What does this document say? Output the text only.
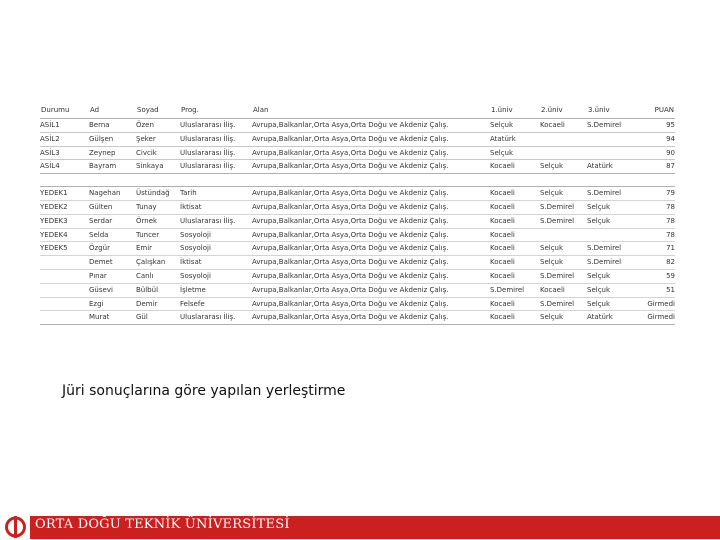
Durumu	Ad	Soyad	Prog.	Alan	1.üniv	2.üniv	3.üniv	PUAN
ASİL1	Berna	Özen	Uluslararası İliş.	Avrupa,Balkanlar,Orta Asya,Orta Doğu ve Akdeniz Çalış.	Selçuk	Kocaeli	S.Demirel	95
ASİL2	Gülşen	Şeker	Uluslararası İliş.	Avrupa,Balkanlar,Orta Asya,Orta Doğu ve Akdeniz Çalış.	Atatürk			94
ASİL3	Zeynep	Civcik	Uluslararası İliş.	Avrupa,Balkanlar,Orta Asya,Orta Doğu ve Akdeniz Çalış.	Selçuk			90
ASİL4	Bayram	Sinkaya	Uluslararası İliş.	Avrupa,Balkanlar,Orta Asya,Orta Doğu ve Akdeniz Çalış.	Kocaeli	Selçuk	Atatürk	87

YEDEK1	Nagehan	Üstündağ	Tarih	Avrupa,Balkanlar,Orta Asya,Orta Doğu ve Akdeniz Çalış.	Kocaeli	Selçuk	S.Demirel	79
YEDEK2	Gülten	Tunay	İktisat	Avrupa,Balkanlar,Orta Asya,Orta Doğu ve Akdeniz Çalış.	Kocaeli	S.Demirel	Selçuk	78
YEDEK3	Serdar	Örnek	Uluslararası İliş.	Avrupa,Balkanlar,Orta Asya,Orta Doğu ve Akdeniz Çalış.	Kocaeli	S.Demirel	Selçuk	78
YEDEK4	Selda	Tuncer	Sosyoloji	Avrupa,Balkanlar,Orta Asya,Orta Doğu ve Akdeniz Çalış.	Kocaeli			78
YEDEK5	Özgür	Emir	Sosyoloji	Avrupa,Balkanlar,Orta Asya,Orta Doğu ve Akdeniz Çalış.	Kocaeli	Selçuk	S.Demirel	71
	Demet	Çalışkan	İktisat	Avrupa,Balkanlar,Orta Asya,Orta Doğu ve Akdeniz Çalış.	Kocaeli	Selçuk	S.Demirel	82
	Pınar	Canlı	Sosyoloji	Avrupa,Balkanlar,Orta Asya,Orta Doğu ve Akdeniz Çalış.	Kocaeli	S.Demirel	Selçuk	59
	Güsevi	Bülbül	İşletme	Avrupa,Balkanlar,Orta Asya,Orta Doğu ve Akdeniz Çalış.	S.Demirel	Kocaeli	Selçuk	51
	Ezgi	Demir	Felsefe	Avrupa,Balkanlar,Orta Asya,Orta Doğu ve Akdeniz Çalış.	Kocaeli	S.Demirel	Selçuk	Girmedi
	Murat	Gül	Uluslararası İliş.	Avrupa,Balkanlar,Orta Asya,Orta Doğu ve Akdeniz Çalış.	Kocaeli	Selçuk	Atatürk	Girmedi
Jüri sonuçlarına göre yapılan yerleştirme
ORTA DOĞU TEKNİK ÜNİVERSİTESİ
